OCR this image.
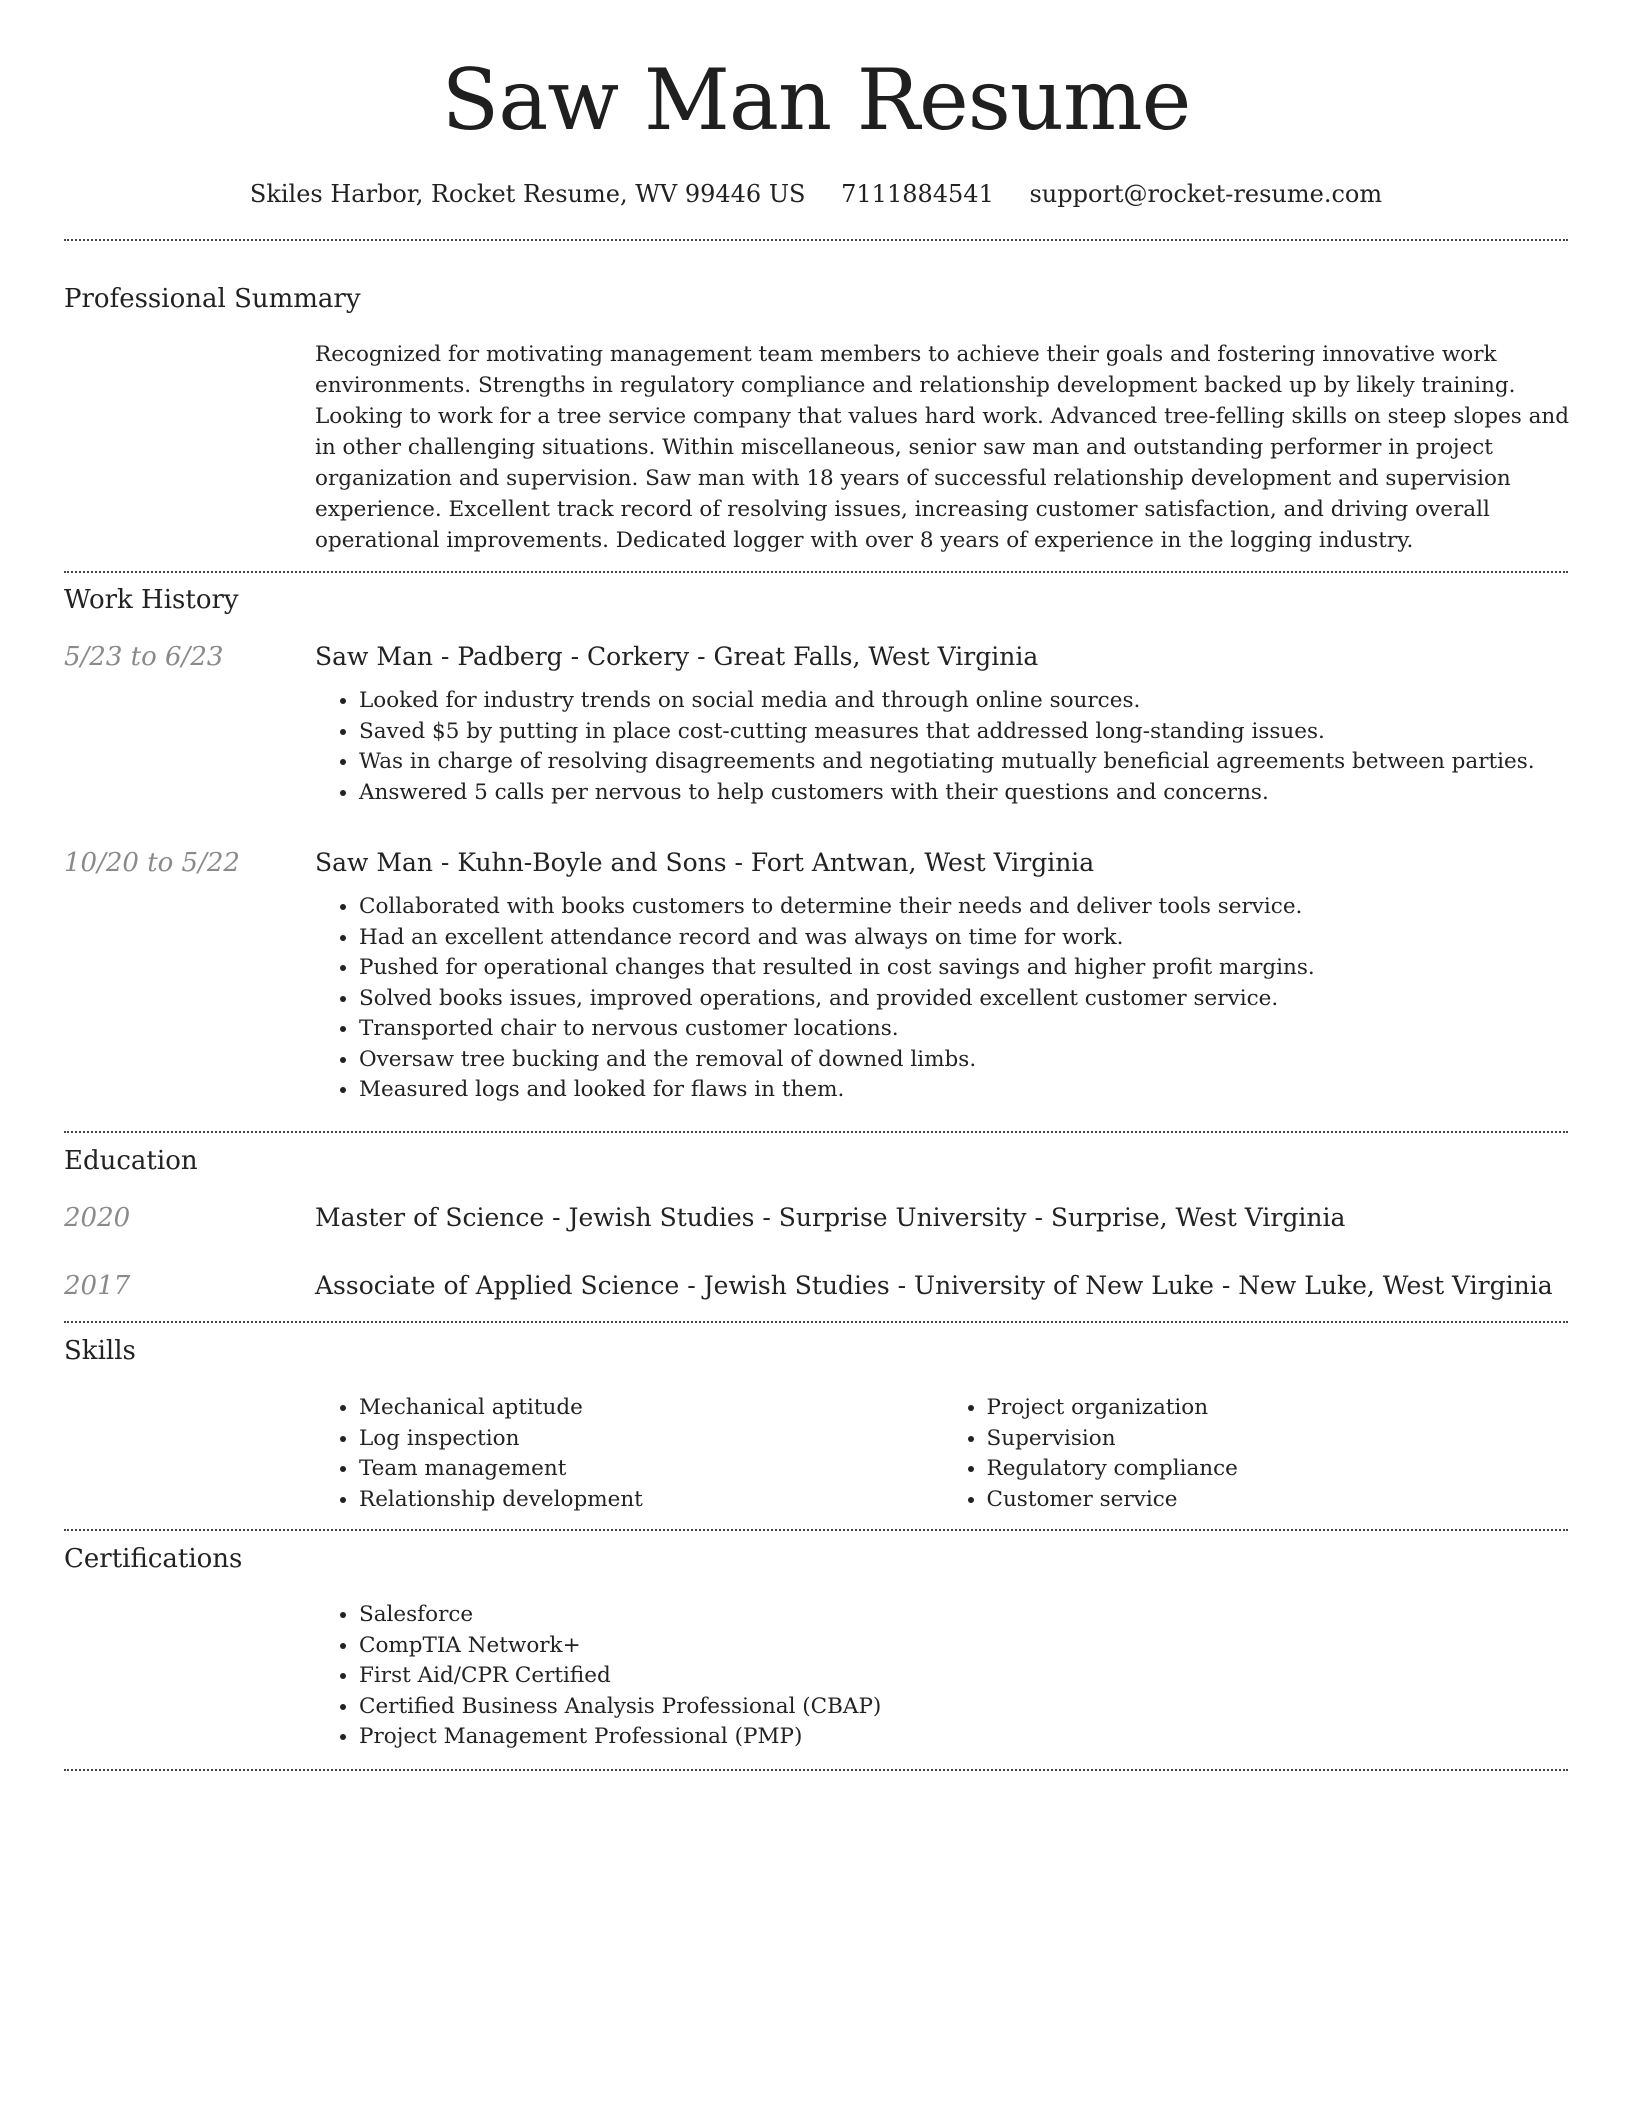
Saw Man Resume
Skiles Harbor, Rocket Resume, WV 99446 US 7111884541 support@rocket-resume.com
Professional Summary

Recognized for motivating management team members to achieve their goals and fostering innovative work environments. Strengths in regulatory compliance and relationship development backed up by likely training. Looking to work for a tree service company that values hard work. Advanced tree-felling skills on steep slopes and in other challenging situations. Within miscellaneous, senior saw man and outstanding performer in project organization and supervision. Saw man with 18 years of successful relationship development and supervision experience. Excellent track record of resolving issues, increasing customer satisfaction, and driving overall operational improvements. Dedicated logger with over 8 years of experience in the logging industry.

Work History
5/23 to 6/23	Saw Man - Padberg - Corkery - Great Falls, West Virginia

• Looked for industry trends on social media and through online sources.
• Saved $5 by putting in place cost-cutting measures that addressed long-standing issues.
• Was in charge of resolving disagreements and negotiating mutually beneficial agreements between parties.
• Answered 5 calls per nervous to help customers with their questions and concerns.
10/20 to 5/22	Saw Man - Kuhn-Boyle and Sons - Fort Antwan, West Virginia

• Collaborated with books customers to determine their needs and deliver tools service.
• Had an excellent attendance record and was always on time for work.
• Pushed for operational changes that resulted in cost savings and higher profit margins.
• Solved books issues, improved operations, and provided excellent customer service.
• Transported chair to nervous customer locations.
• Oversaw tree bucking and the removal of downed limbs.
• Measured logs and looked for flaws in them.
Education
2020	Master of Science - Jewish Studies - Surprise University - Surprise, West Virginia

2017	Associate of Applied Science - Jewish Studies - University of New Luke - New Luke, West Virginia

Skills
• Mechanical aptitude
• Log inspection
• Team management
• Relationship development
• Project organization
• Supervision
• Regulatory compliance
• Customer service
Certifications
• Salesforce
• CompTIA Network+
• First Aid/CPR Certified
• Certified Business Analysis Professional (CBAP)
• Project Management Professional (PMP)
